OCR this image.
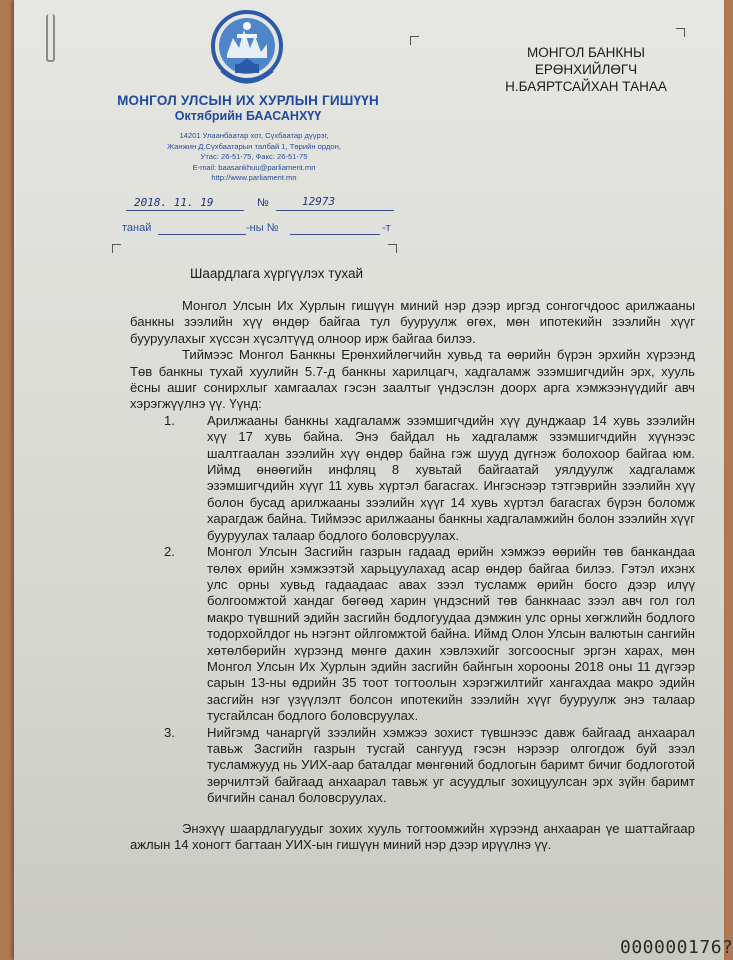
МОНГОЛ УЛСЫН ИХ ХУРЛЫН ГИШҮҮН
Октябрийн БААСАНХҮҮ
14201 Улаанбаатар хот, Сүхбаатар дүүрэг,
Жанжин Д.Сүхбаатарын талбай 1, Төрийн ордон,
Утас: 26-51-75, Факс: 26-51-75
E-mail: baasankhuu@parliament.mn
http://www.parliament.mn
2018. 11. 19	№	12973
танай	-ны №	-т
МОНГОЛ БАНКНЫ
ЕРӨНХИЙЛӨГЧ
Н.БАЯРТСАЙХАН ТАНАА
Шаардлага хүргүүлэх тухай

Монгол Улсын Их Хурлын гишүүн миний нэр дээр иргэд сонгогчдоос арилжааны банкны зээлийн хүү өндөр байгаа тул бууруулж өгөх, мөн ипотекийн зээлийн хүүг бууруулахыг хүссэн хүсэлтүүд олноор ирж байгаа билээ.

Тиймээс Монгол Банкны Ерөнхийлөгчийн хувьд та өөрийн бүрэн эрхийн хүрээнд Төв банкны тухай хуулийн 5.7-д банкны харилцагч, хадгаламж эзэмшигчдийн эрх, хууль ёсны ашиг сонирхлыг хамгаалах гэсэн заалтыг үндэслэн доорх арга хэмжээнүүдийг авч хэрэгжүүлнэ үү. Үүнд:

1. Арилжааны банкны хадгаламж эзэмшигчдийн хүү дунджаар 14 хувь зээлийн хүү 17 хувь байна. Энэ байдал нь хадгаламж эзэмшигчдийн хүүнээс шалтгаалан зээлийн хүү өндөр байна гэж шууд дүгнэж болохоор байгаа юм. Иймд өнөөгийн инфляц 8 хувьтай байгаатай уялдуулж хадгаламж эзэмшигчдийн хүүг 11 хувь хүртэл багасгах. Ингэснээр тэтгэврийн зээлийн хүү болон бусад арилжааны зээлийн хүүг 14 хувь хүртэл багасгах бүрэн боломж харагдаж байна. Тиймээс арилжааны банкны хадгаламжийн болон зээлийн хүүг бууруулах талаар бодлого боловсруулах.
2. Монгол Улсын Засгийн газрын гадаад өрийн хэмжээ өөрийн төв банкандаа төлөх өрийн хэмжээтэй харьцуулахад асар өндөр байгаа билээ. Гэтэл ихэнх улс орны хувьд гадаадаас авах зээл тусламж өрийн босго дээр илүү болгоомжтой хандаг бөгөөд харин үндэсний төв банкнаас зээл авч гол гол макро түвшний эдийн засгийн бодлогуудаа дэмжин улс орны хөгжлийн бодлого тодорхойлдог нь нэгэнт ойлгомжтой байна. Иймд Олон Улсын валютын сангийн хөтөлбөрийн хүрээнд мөнгө дахин хэвлэхийг зогсоосныг эргэн харах, мөн Монгол Улсын Их Хурлын эдийн засгийн байнгын хорооны 2018 оны 11 дүгээр сарын 13-ны өдрийн 35 тоот тогтоолын хэрэгжилтийг хангахдаа макро эдийн засгийн нэг үзүүлэлт болсон ипотекийн зээлийн хүүг бууруулж энэ талаар тусгайлсан бодлого боловсруулах.
3. Нийгэмд чанаргүй зээлийн хэмжээ зохист түвшнээс давж байгаад анхаарал тавьж Засгийн газрын тусгай сангууд гэсэн нэрээр олгогдож буй зээл тусламжууд нь УИХ-аар баталдаг мөнгөний бодлогын баримт бичиг бодлоготой зөрчилтэй байгаад анхаарал тавьж уг асуудлыг зохицуулсан эрх зүйн баримт бичгийн санал боловсруулах.

Энэхүү шаардлагуудыг зохих хууль тогтоомжийн хүрээнд анхааран үе шаттайгаар ажлын 14 хоногт багтаан УИХ-ын гишүүн миний нэр дээр ирүүлнэ үү.

000000176?
